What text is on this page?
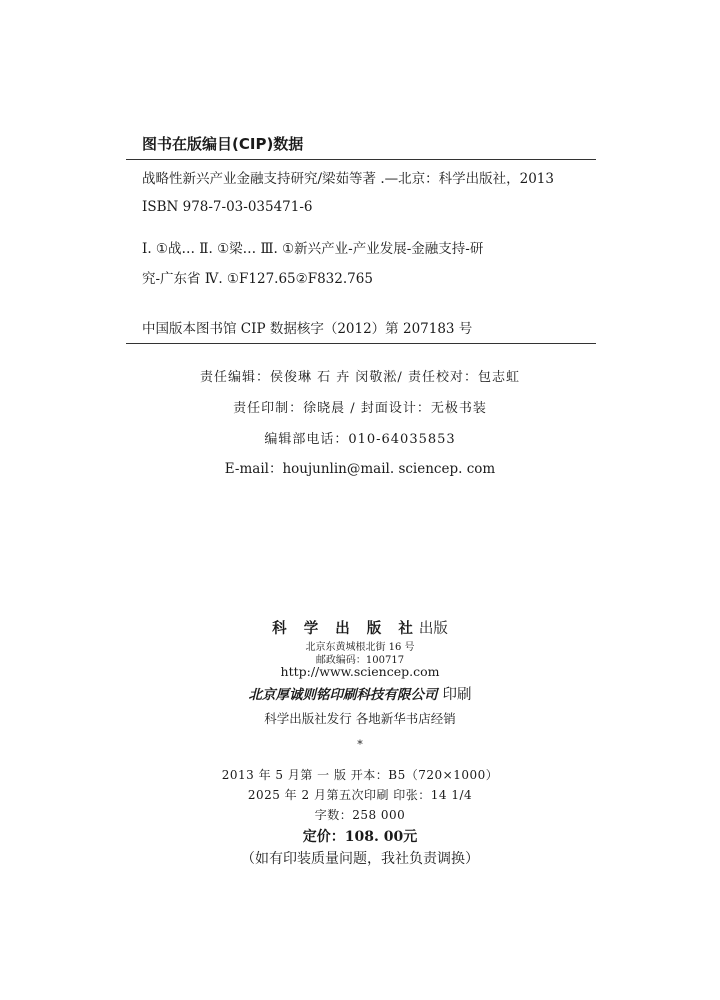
图书在版编目(CIP)数据
战略性新兴产业金融支持研究/梁茹等著 .—北京：科学出版社，2013
ISBN 978-7-03-035471-6
Ⅰ. ①战… Ⅱ. ①梁… Ⅲ. ①新兴产业-产业发展-金融支持-研
究-广东省 Ⅳ. ①F127.65②F832.765
中国版本图书馆 CIP 数据核字（2012）第 207183 号
责任编辑：侯俊琳 石 卉 闵敬淞/ 责任校对：包志虹
责任印制：徐晓晨 / 封面设计：无极书装
编辑部电话：010-64035853
E-mail：houjunlin@mail. sciencep. com
科 学 出 版 社出版
北京东黄城根北街 16 号
邮政编码：100717
http://www.sciencep.com
北京厚诚则铭印刷科技有限公司 印刷
科学出版社发行 各地新华书店经销
*
2013 年 5 月第 一 版 开本：B5（720×1000）
2025 年 2 月第五次印刷 印张：14 1/4
字数：258 000
定价：108. 00元
（如有印装质量问题，我社负责调换）
